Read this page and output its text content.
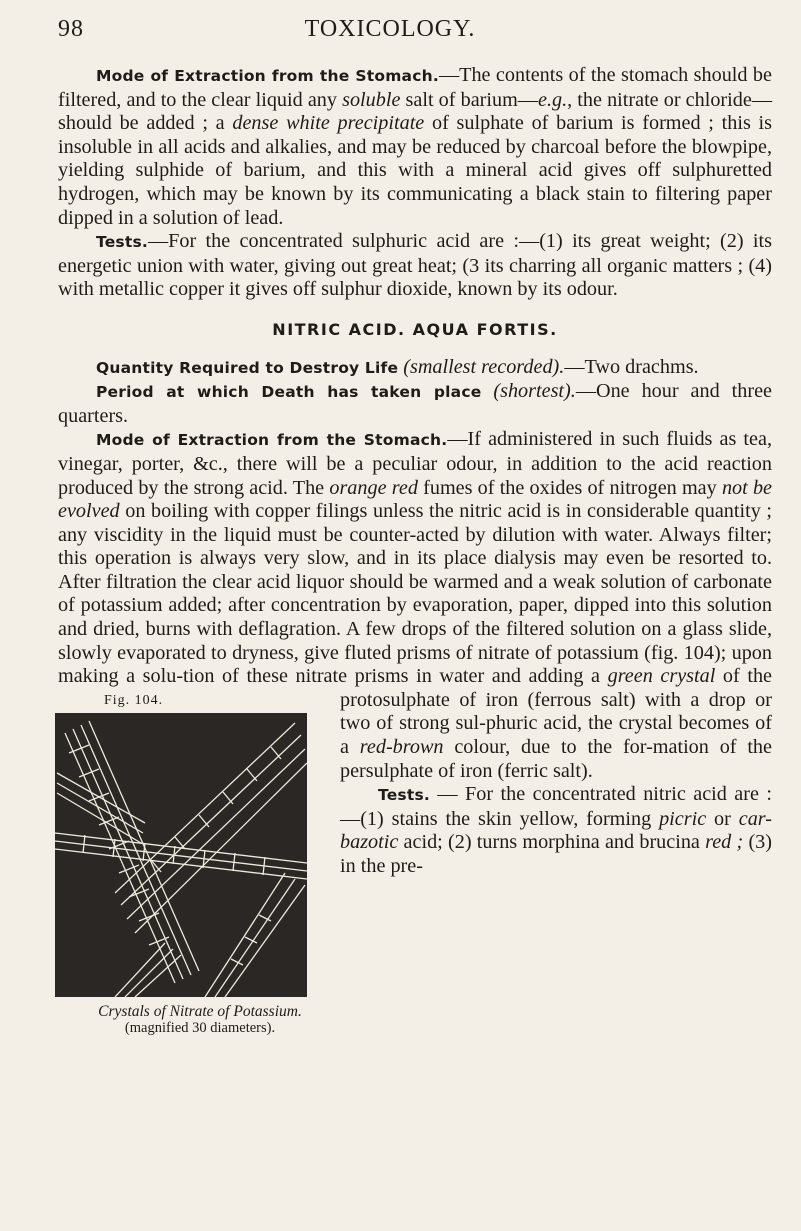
98	TOXICOLOGY.

Mode of Extraction from the Stomach.—The contents of the stomach should be filtered, and to the clear liquid any soluble salt of barium—e.g., the nitrate or chloride—should be added ; a dense white precipitate of sulphate of barium is formed ; this is insoluble in all acids and alkalies, and may be reduced by charcoal before the blowpipe, yielding sulphide of barium, and this with a mineral acid gives off sulphuretted hydrogen, which may be known by its communicating a black stain to filtering paper dipped in a solution of lead.

Tests.—For the concentrated sulphuric acid are :—(1) its great weight; (2) its energetic union with water, giving out great heat; (3 its charring all organic matters ; (4) with metallic copper it gives off sulphur dioxide, known by its odour.

NITRIC ACID. AQUA FORTIS.

Quantity Required to Destroy Life (smallest recorded).—Two drachms.

Period at which Death has taken place (shortest).—One hour and three quarters.

Mode of Extraction from the Stomach.—If administered in such fluids as tea, vinegar, porter, &c., there will be a peculiar odour, in addition to the acid reaction produced by the strong acid. The orange red fumes of the oxides of nitrogen may not be evolved on boiling with copper filings unless the nitric acid is in considerable quantity ; any viscidity in the liquid must be counter-acted by dilution with water. Always filter; this operation is always very slow, and in its place dialysis may even be resorted to. After filtration the clear acid liquor should be warmed and a weak solution of carbonate of potassium added; after concentration by evaporation, paper, dipped into this solution and dried, burns with deflagration. A few drops of the filtered solution on a glass slide, slowly evaporated to dryness, give fluted prisms of nitrate of potassium (fig. 104); upon making a solu-tion of these nitrate prisms in water and adding a
Fig. 104.
Crystals of Nitrate of Potassium.
(magnified 30 diameters).
green crystal of the protosulphate of iron (ferrous salt) with a drop or two of strong sul-phuric acid, the crystal becomes of a red-brown colour, due to the for-mation of the persulphate of iron (ferric salt).

Tests. — For the concentrated nitric acid are :—(1) stains the skin yellow, forming picric or car-bazotic acid; (2) turns morphina and brucina red ; (3) in the pre-
